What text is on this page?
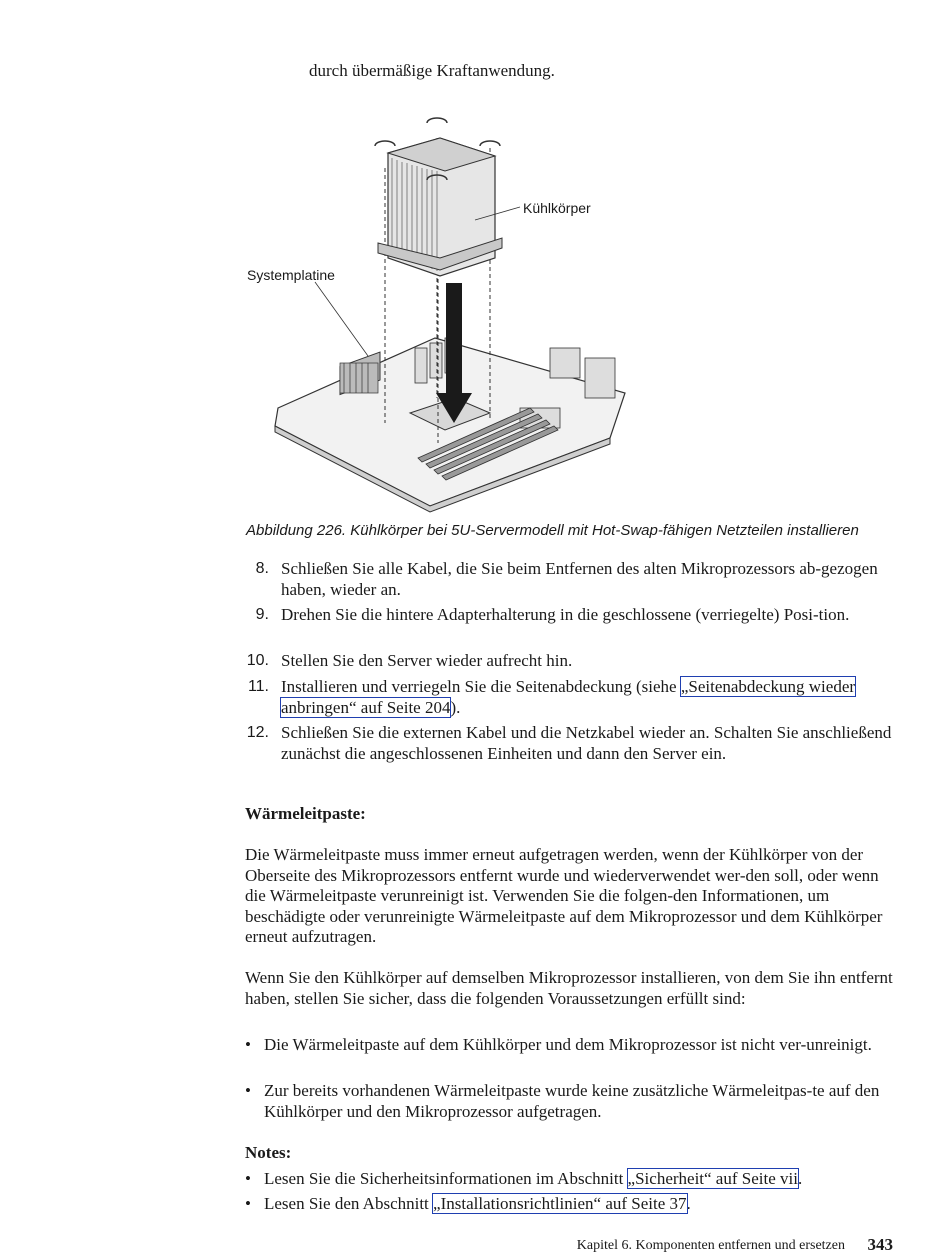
durch übermäßige Kraftanwendung.
Kühlkörper
Systemplatine
Abbildung 226. Kühlkörper bei 5U-Servermodell mit Hot-Swap-fähigen Netzteilen installieren
8. Schließen Sie alle Kabel, die Sie beim Entfernen des alten Mikroprozessors ab-gezogen haben, wieder an.
9. Drehen Sie die hintere Adapterhalterung in die geschlossene (verriegelte) Posi-tion.
10. Stellen Sie den Server wieder aufrecht hin.
11. Installieren und verriegeln Sie die Seitenabdeckung (siehe „Seitenabdeckung wieder anbringen“ auf Seite 204).
12. Schließen Sie die externen Kabel und die Netzkabel wieder an. Schalten Sie anschließend zunächst die angeschlossenen Einheiten und dann den Server ein.
Wärmeleitpaste:
Die Wärmeleitpaste muss immer erneut aufgetragen werden, wenn der Kühlkörper von der Oberseite des Mikroprozessors entfernt wurde und wiederverwendet wer-den soll, oder wenn die Wärmeleitpaste verunreinigt ist. Verwenden Sie die folgen-den Informationen, um beschädigte oder verunreinigte Wärmeleitpaste auf dem Mikroprozessor und dem Kühlkörper erneut aufzutragen.
Wenn Sie den Kühlkörper auf demselben Mikroprozessor installieren, von dem Sie ihn entfernt haben, stellen Sie sicher, dass die folgenden Voraussetzungen erfüllt sind:
• Die Wärmeleitpaste auf dem Kühlkörper und dem Mikroprozessor ist nicht ver-unreinigt.
• Zur bereits vorhandenen Wärmeleitpaste wurde keine zusätzliche Wärmeleitpas-te auf den Kühlkörper und den Mikroprozessor aufgetragen.
Notes:
• Lesen Sie die Sicherheitsinformationen im Abschnitt „Sicherheit“ auf Seite vii.
• Lesen Sie den Abschnitt „Installationsrichtlinien“ auf Seite 37.
Kapitel 6. Komponenten entfernen und ersetzen 343
